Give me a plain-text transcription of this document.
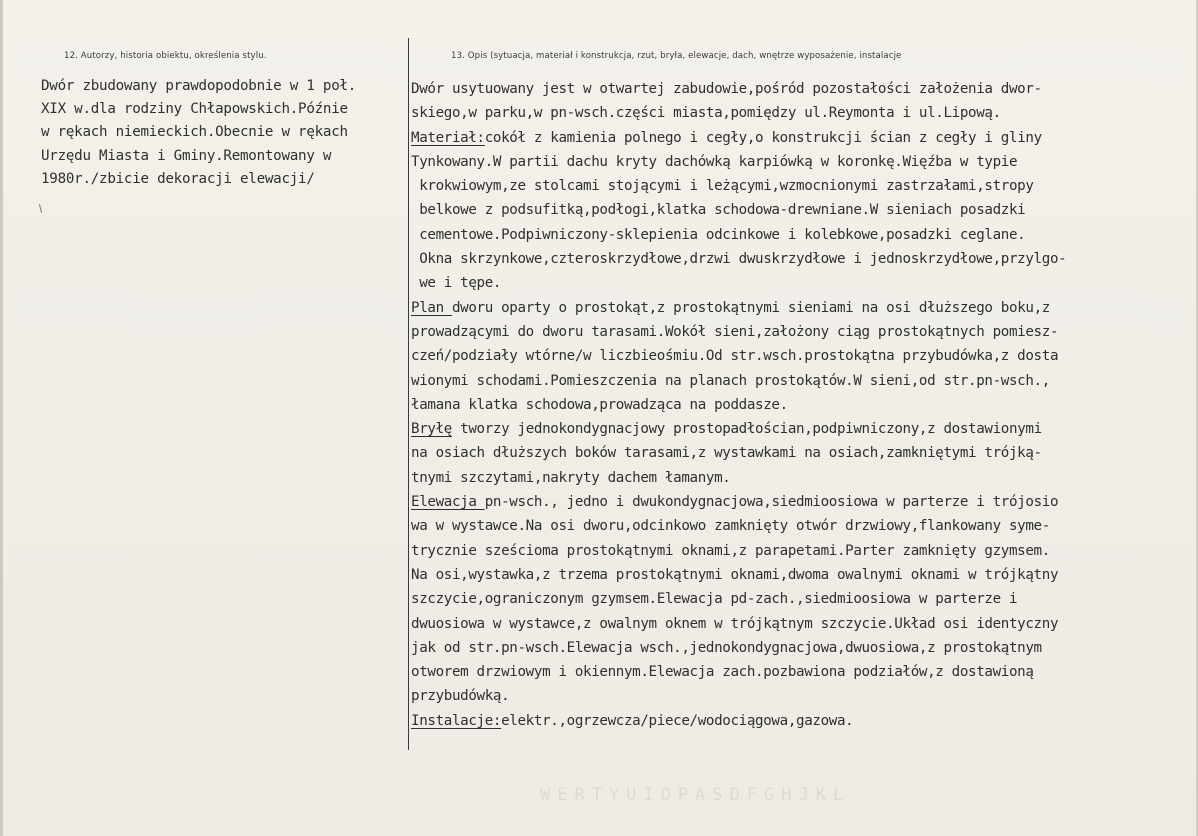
12. Autorzy, historia obiektu, określenia stylu.	13. Opis (sytuacja, materiał i konstrukcja, rzut, bryła, elewacje, dach, wnętrze wyposażenie, instalacje
Dwór zbudowany prawdopodobnie w 1 poł.
XIX w.dla rodziny Chłapowskich.Późnie
w rękach niemieckich.Obecnie w rękach
Urzędu Miasta i Gminy.Remontowany w
1980r./zbicie dekoracji elewacji/
Dwór usytuowany jest w otwartej zabudowie,pośród pozostałości założenia dwor-
skiego,w parku,w pn-wsch.części miasta,pomiędzy ul.Reymonta i ul.Lipową.
Materiał:cokół z kamienia polnego i cegły,o konstrukcji ścian z cegły i gliny
Tynkowany.W partii dachu kryty dachówką karpiówką w koronkę.Więźba w typie
krokwiowym,ze stolcami stojącymi i leżącymi,wzmocnionymi zastrzałami,stropy
belkowe z podsufitką,podłogi,klatka schodowa-drewniane.W sieniach posadzki
cementowe.Podpiwniczony-sklepienia odcinkowe i kolebkowe,posadzki ceglane.
Okna skrzynkowe,czteroskrzydłowe,drzwi dwuskrzydłowe i jednoskrzydłowe,przylgo-
we i tępe.
Plan dworu oparty o prostokąt,z prostokątnymi sieniami na osi dłuższego boku,z
prowadzącymi do dworu tarasami.Wokół sieni,założony ciąg prostokątnych pomiesz-
czeń/podziały wtórne/w liczbieośmiu.Od str.wsch.prostokątna przybudówka,z dosta
wionymi schodami.Pomieszczenia na planach prostokątów.W sieni,od str.pn-wsch.,
łamana klatka schodowa,prowadząca na poddasze.
Bryłę tworzy jednokondygnacjowy prostopadłościan,podpiwniczony,z dostawionymi
na osiach dłuższych boków tarasami,z wystawkami na osiach,zamkniętymi trójką-
tnymi szczytami,nakryty dachem łamanym.
Elewacja pn-wsch., jedno i dwukondygnacjowa,siedmioosiowa w parterze i trójosio
wa w wystawce.Na osi dworu,odcinkowo zamknięty otwór drzwiowy,flankowany syme-
trycznie sześcioma prostokątnymi oknami,z parapetami.Parter zamknięty gzymsem.
Na osi,wystawka,z trzema prostokątnymi oknami,dwoma owalnymi oknami w trójkątny
szczycie,ograniczonym gzymsem.Elewacja pd-zach.,siedmioosiowa w parterze i
dwuosiowa w wystawce,z owalnym oknem w trójkątnym szczycie.Układ osi identyczny
jak od str.pn-wsch.Elewacja wsch.,jednokondygnacjowa,dwuosiowa,z prostokątnym
otworem drzwiowym i okiennym.Elewacja zach.pozbawiona podziałów,z dostawioną
przybudówką.
Instalacje:elektr.,ogrzewcza/piece/wodociągowa,gazowa.
WERTYUIOPASDFGHJKL
